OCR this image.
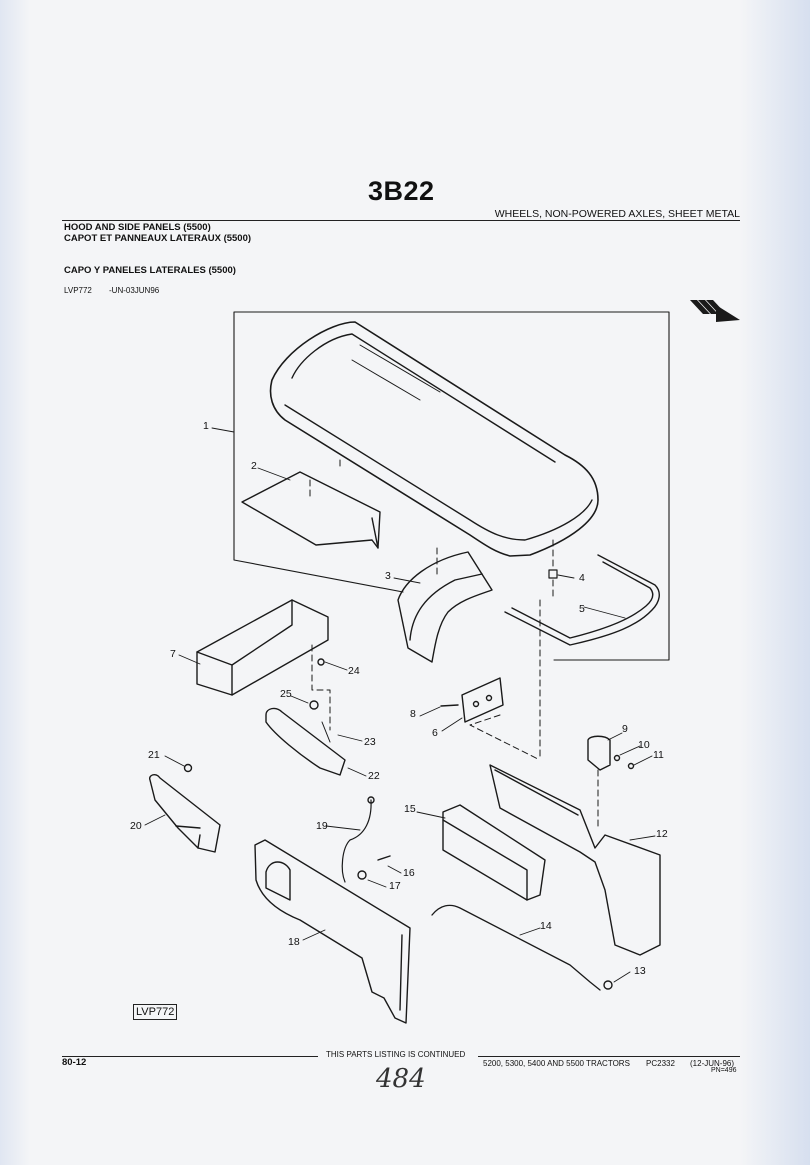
3B22
WHEELS, NON-POWERED AXLES, SHEET METAL
HOOD AND SIDE PANELS (5500)
CAPOT ET PANNEAUX LATERAUX (5500)
CAPO Y PANELES LATERALES (5500)
LVP772 -UN-03JUN96
1
2
3	4
5
6
7
8
9
10
11
12
13
14
15
16
17
18
19
20
21
22
23
24
25
LVP772
80-12
THIS PARTS LISTING IS CONTINUED
5200, 5300, 5400 AND 5500 TRACTORS PC2332 (12-JUN-96)
PN=496
484
